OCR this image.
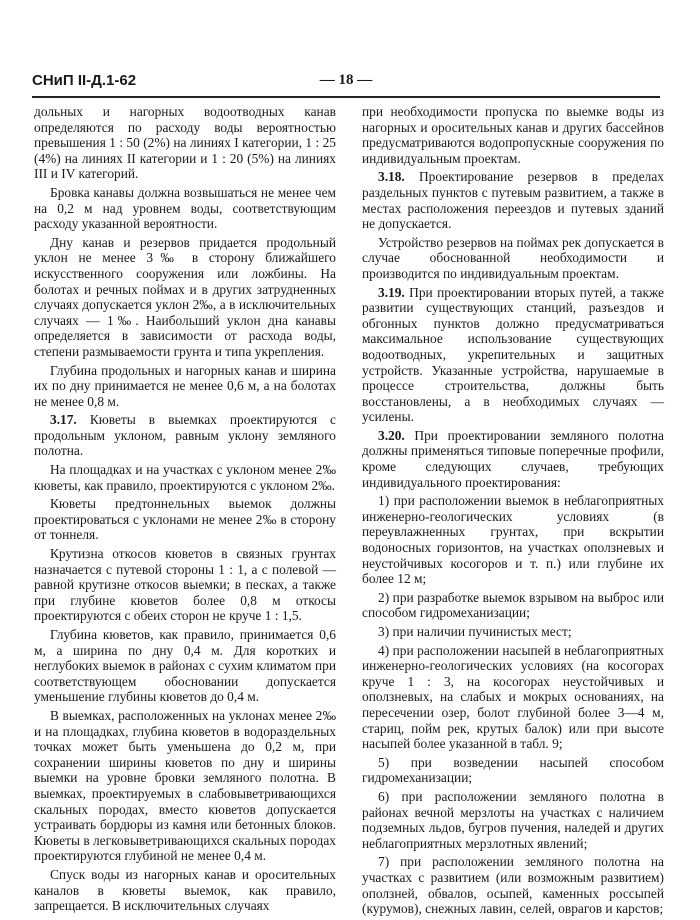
СНиП II-Д.1-62	— 18 —

дольных и нагорных водоотводных канав определяются по расходу воды вероятностью превышения 1 : 50 (2%) на линиях I категории, 1 : 25 (4%) на линиях II категории и 1 : 20 (5%) на линиях III и IV категорий.

Бровка канавы должна возвышаться не менее чем на 0,2 м над уровнем воды, соответствующим расходу указанной вероятности.

Дну канав и резервов придается продольный уклон не менее 3‰ в сторону ближайшего искусственного сооружения или ложбины. На болотах и речных поймах и в других затрудненных случаях допускается уклон 2‰, а в исключительных случаях — 1‰. Наибольший уклон дна канавы определяется в зависимости от расхода воды, степени размываемости грунта и типа укрепления.

Глубина продольных и нагорных канав и ширина их по дну принимается не менее 0,6 м, а на болотах не менее 0,8 м.

3.17. Кюветы в выемках проектируются с продольным уклоном, равным уклону земляного полотна.

На площадках и на участках с уклоном менее 2‰ кюветы, как правило, проектируются с уклоном 2‰.

Кюветы предтоннельных выемок должны проектироваться с уклонами не менее 2‰ в сторону от тоннеля.

Крутизна откосов кюветов в связных грунтах назначается с путевой стороны 1 : 1, а с полевой — равной крутизне откосов выемки; в песках, а также при глубине кюветов более 0,8 м откосы проектируются с обеих сторон не круче 1 : 1,5.

Глубина кюветов, как правило, принимается 0,6 м, а ширина по дну 0,4 м. Для коротких и неглубоких выемок в районах с сухим климатом при соответствующем обосновании допускается уменьшение глубины кюветов до 0,4 м.

В выемках, расположенных на уклонах менее 2‰ и на площадках, глубина кюветов в водораздельных точках может быть уменьшена до 0,2 м, при сохранении ширины кюветов по дну и ширины выемки на уровне бровки земляного полотна. В выемках, проектируемых в слабовыветривающихся скальных породах, вместо кюветов допускается устраивать бордюры из камня или бетонных блоков. Кюветы в легковыветривающихся скальных породах проектируются глубиной не менее 0,4 м.

Спуск воды из нагорных канав и оросительных каналов в кюветы выемок, как правило, запрещается. В исключительных случаях

при необходимости пропуска по выемке воды из нагорных и оросительных канав и других бассейнов предусматриваются водопропускные сооружения по индивидуальным проектам.

3.18. Проектирование резервов в пределах раздельных пунктов с путевым развитием, а также в местах расположения переездов и путевых зданий не допускается.

Устройство резервов на поймах рек допускается в случае обоснованной необходимости и производится по индивидуальным проектам.

3.19. При проектировании вторых путей, а также развитии существующих станций, разъездов и обгонных пунктов должно предусматриваться максимальное использование существующих водоотводных, укрепительных и защитных устройств. Указанные устройства, нарушаемые в процессе строительства, должны быть восстановлены, а в необходимых случаях — усилены.

3.20. При проектировании земляного полотна должны применяться типовые поперечные профили, кроме следующих случаев, требующих индивидуального проектирования:

1) при расположении выемок в неблагоприятных инженерно-геологических условиях (в переувлажненных грунтах, при вскрытии водоносных горизонтов, на участках оползневых и неустойчивых косогоров и т. п.) или глубине их более 12 м;

2) при разработке выемок взрывом на выброс или способом гидромеханизации;

3) при наличии пучинистых мест;

4) при расположении насыпей в неблагоприятных инженерно-геологических условиях (на косогорах круче 1 : 3, на косогорах неустойчивых и оползневых, на слабых и мокрых основаниях, на пересечении озер, болот глубиной более 3—4 м, стариц, пойм рек, крутых балок) или при высоте насыпей более указанной в табл. 9;

5) при возведении насыпей способом гидромеханизации;

6) при расположении земляного полотна в районах вечной мерзлоты на участках с наличием подземных льдов, бугров пучения, наледей и других неблагоприятных мерзлотных явлений;

7) при расположении земляного полотна на участках с развитием (или возможным развитием) оползней, обвалов, осыпей, каменных россыпей (курумов), снежных лавин, селей, оврагов и карстов;
